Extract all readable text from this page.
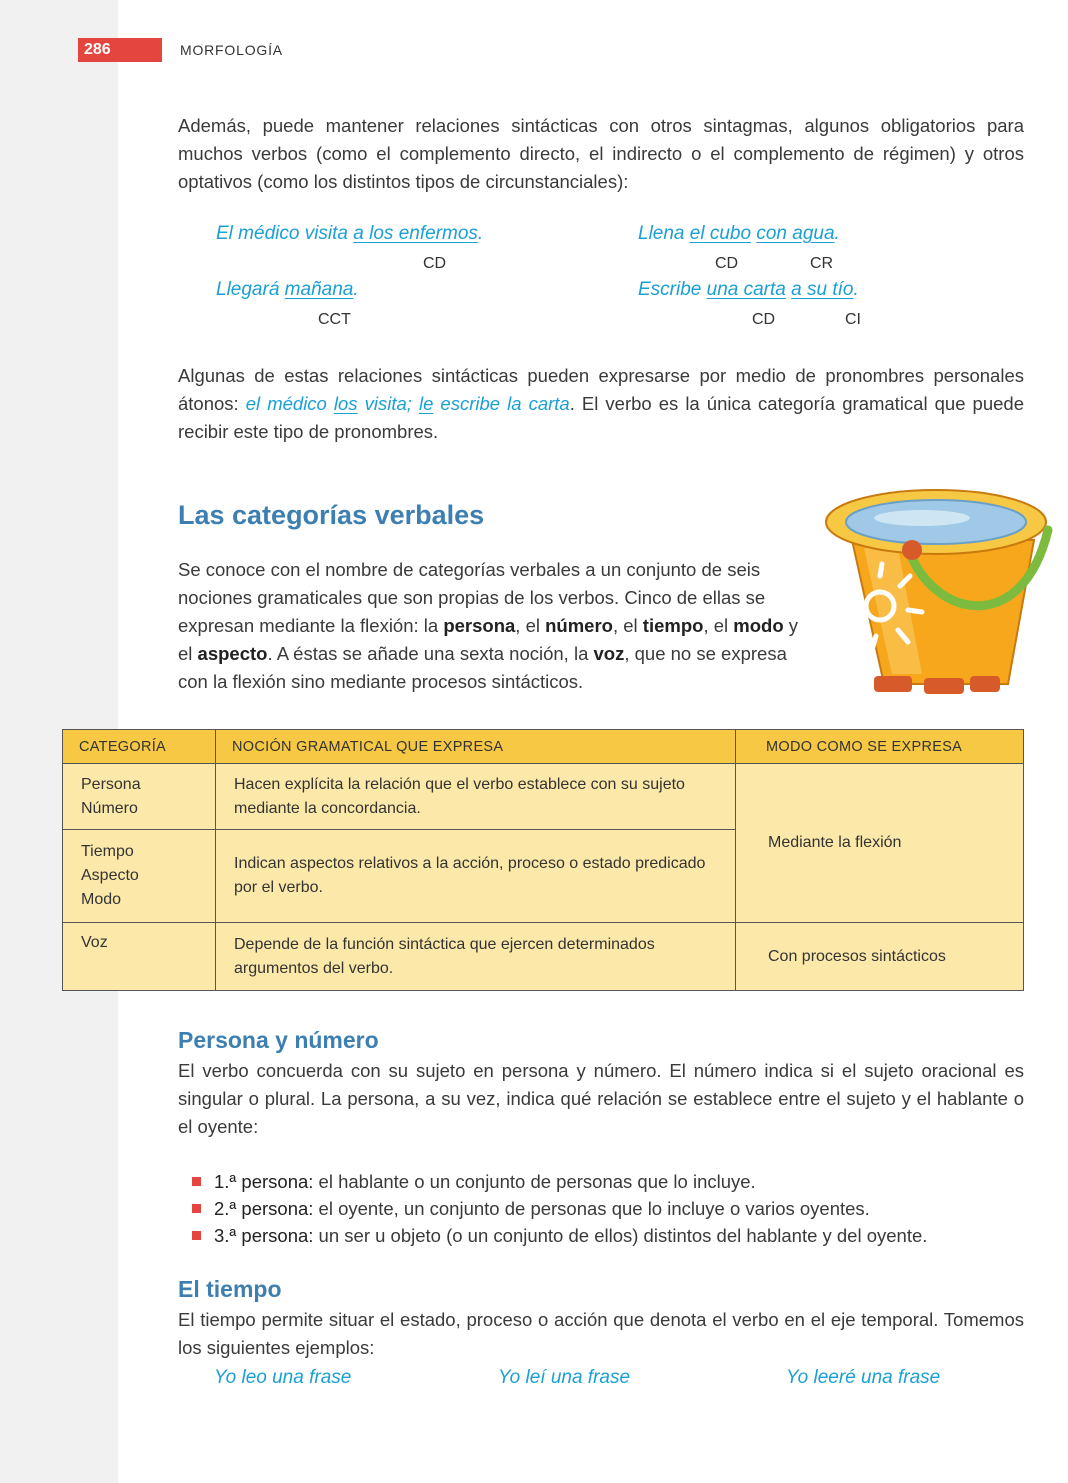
286	MORFOLOGÍA

Además, puede mantener relaciones sintácticas con otros sintagmas, algunos obligatorios para muchos verbos (como el complemento directo, el indirecto o el complemento de régimen) y otros optativos (como los distintos tipos de circunstanciales):

El médico visita a los enfermos.
CD
Llena el cubo con agua.
CD	CR
Llegará mañana.
CCT
Escribe una carta a su tío.
CD	CI

Algunas de estas relaciones sintácticas pueden expresarse por medio de pronombres personales átonos: el médico los visita; le escribe la carta. El verbo es la única categoría gramatical que puede recibir este tipo de pronombres.

Las categorías verbales

Se conoce con el nombre de categorías verbales a un conjunto de seis nociones gramaticales que son propias de los verbos. Cinco de ellas se expresan mediante la flexión: la persona, el número, el tiempo, el modo y el aspecto. A éstas se añade una sexta noción, la voz, que no se expresa con la flexión sino mediante procesos sintácticos.

CATEGORÍA	NOCIÓN GRAMATICAL QUE EXPRESA	MODO COMO SE EXPRESA

Persona
Número	Hacen explícita la relación que el verbo establece con su sujeto mediante la concordancia.	Mediante la flexión

Tiempo
Aspecto
Modo	Indican aspectos relativos a la acción, proceso o estado predicado por el verbo.	

Voz	Depende de la función sintáctica que ejercen determinados argumentos del verbo.	Con procesos sintácticos
Persona y número

El verbo concuerda con su sujeto en persona y número. El número indica si el sujeto oracional es singular o plural. La persona, a su vez, indica qué relación se establece entre el sujeto y el hablante o el oyente:

1.ª persona: el hablante o un conjunto de personas que lo incluye.
2.ª persona: el oyente, un conjunto de personas que lo incluye o varios oyentes.
3.ª persona: un ser u objeto (o un conjunto de ellos) distintos del hablante y del oyente.
El tiempo

El tiempo permite situar el estado, proceso o acción que denota el verbo en el eje temporal. Tomemos los siguientes ejemplos:

Yo leo una frase	Yo leí una frase	Yo leeré una frase
